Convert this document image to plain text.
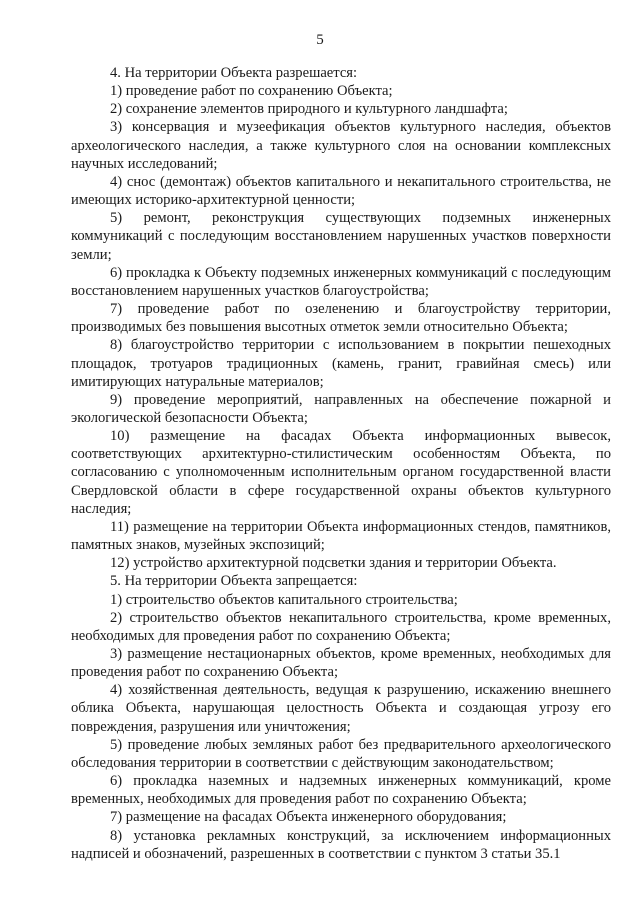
5

4. На территории Объекта разрешается:

1) проведение работ по сохранению Объекта;

2) сохранение элементов природного и культурного ландшафта;

3) консервация и музеефикация объектов культурного наследия, объектов археологического наследия, а также культурного слоя на основании комплексных научных исследований;

4) снос (демонтаж) объектов капитального и некапитального строительства, не имеющих историко-архитектурной ценности;

5) ремонт, реконструкция существующих подземных инженерных коммуникаций с последующим восстановлением нарушенных участков поверхности земли;

6) прокладка к Объекту подземных инженерных коммуникаций с последующим восстановлением нарушенных участков благоустройства;

7) проведение работ по озеленению и благоустройству территории, производимых без повышения высотных отметок земли относительно Объекта;

8) благоустройство территории с использованием в покрытии пешеходных площадок, тротуаров традиционных (камень, гранит, гравийная смесь) или имитирующих натуральные материалов;

9) проведение мероприятий, направленных на обеспечение пожарной и экологической безопасности Объекта;

10) размещение на фасадах Объекта информационных вывесок, соответствующих архитектурно-стилистическим особенностям Объекта, по согласованию с уполномоченным исполнительным органом государственной власти Свердловской области в сфере государственной охраны объектов культурного наследия;

11) размещение на территории Объекта информационных стендов, памятников, памятных знаков, музейных экспозиций;

12) устройство архитектурной подсветки здания и территории Объекта.

5. На территории Объекта запрещается:

1) строительство объектов капитального строительства;

2) строительство объектов некапитального строительства, кроме временных, необходимых для проведения работ по сохранению Объекта;

3) размещение нестационарных объектов, кроме временных, необходимых для проведения работ по сохранению Объекта;

4) хозяйственная деятельность, ведущая к разрушению, искажению внешнего облика Объекта, нарушающая целостность Объекта и создающая угрозу его повреждения, разрушения или уничтожения;

5) проведение любых земляных работ без предварительного археологического обследования территории в соответствии с действующим законодательством;

6) прокладка наземных и надземных инженерных коммуникаций, кроме временных, необходимых для проведения работ по сохранению Объекта;

7) размещение на фасадах Объекта инженерного оборудования;

8) установка рекламных конструкций, за исключением информационных надписей и обозначений, разрешенных в соответствии с пунктом 3 статьи 35.1
